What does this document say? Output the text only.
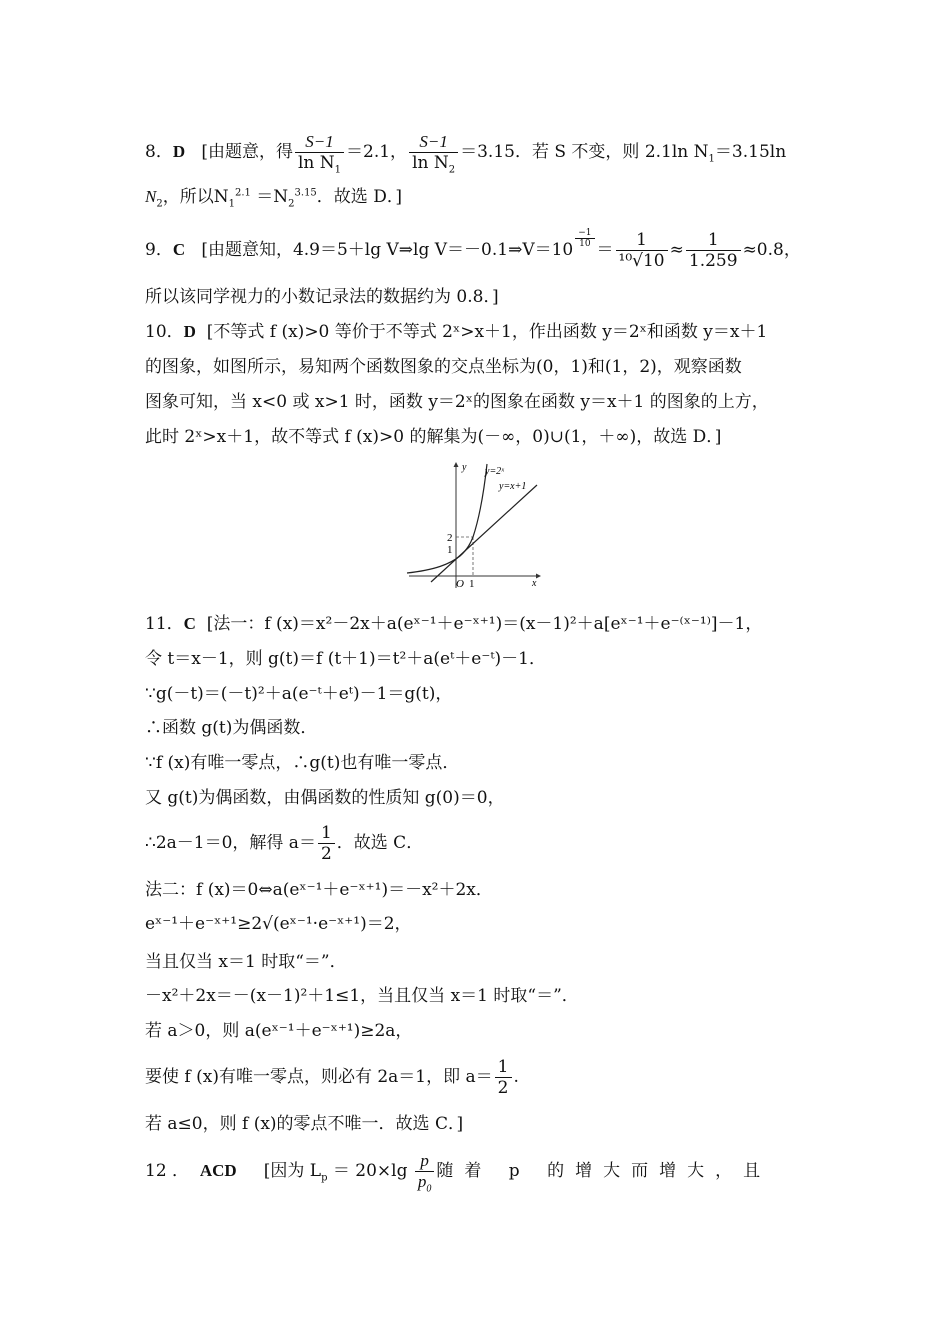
8．D [由题意，得 $\frac{S-1}{\ln N_1} =2.1$， $\frac{S-1}{\ln N_2} =3.15$．若 S 不变，则 2.1ln $N_1=3.15\ln$
$N_2$，所以$N_1^{2.1} =N_2^{3.15}$．故选 D．]
9．C [由题意知，4.9＝5＋lg V⇒lg V＝－0.1⇒V＝10
$\frac{-1}{10}$
＝ $\frac{1}{\text{¹⁰√10}} \approx \frac{1}{1.259} \approx 0.8$，
所以该同学视力的小数记录法的数据约为 0.8．]
10．D [不等式 f (x)>0 等价于不等式 2ˣ>x＋1，作出函数 y＝2ˣ和函数 y＝x＋1
的图象，如图所示，易知两个函数图象的交点坐标为(0，1)和(1，2)，观察函数
图象可知，当 x<0 或 x>1 时，函数 y＝2ˣ的图象在函数 y＝x＋1 的图象的上方，
此时 2ˣ>x＋1，故不等式 f (x)>0 的解集为(－∞，0)∪(1，＋∞)，故选 D．]
y
x
O 1
1
2
y=2ˣ
y=x+1
11．C [法一：f (x)＝x²－2x＋a(eˣ⁻¹＋e⁻ˣ⁺¹)＝(x－1)²＋a[eˣ⁻¹＋e⁻⁽ˣ⁻¹⁾]－1，
令 t＝x－1，则 g(t)＝f (t＋1)＝t²＋a(eᵗ＋e⁻ᵗ)－1．
∵g(－t)＝(－t)²＋a(e⁻ᵗ＋eᵗ)－1＝g(t)，
∴函数 g(t)为偶函数．
∵f (x)有唯一零点，∴g(t)也有唯一零点．
又 g(t)为偶函数，由偶函数的性质知 g(0)＝0，
∴2a－1＝0，解得 $a= \frac{1}{2}$ ．故选 C．
法二：f (x)＝0⇔a(eˣ⁻¹＋e⁻ˣ⁺¹)＝－x²＋2x．
eˣ⁻¹＋e⁻ˣ⁺¹≥2√(eˣ⁻¹·e⁻ˣ⁺¹)＝2，
当且仅当 x＝1 时取“＝”．
－x²＋2x＝－(x－1)²＋1≤1，当且仅当 x＝1 时取“＝”．
若 a＞0，则 a(eˣ⁻¹＋e⁻ˣ⁺¹)≥2a，
要使 f (x)有唯一零点，则必有 2a＝1，即 $a= \frac{1}{2}$ .
若 a≤0，则 f (x)的零点不唯一．故选 C．]
12 ．  ACD [因为 $L_p = 20\times\lg \frac{p}{p_0}$ 随着 p 的增大而增大，且
